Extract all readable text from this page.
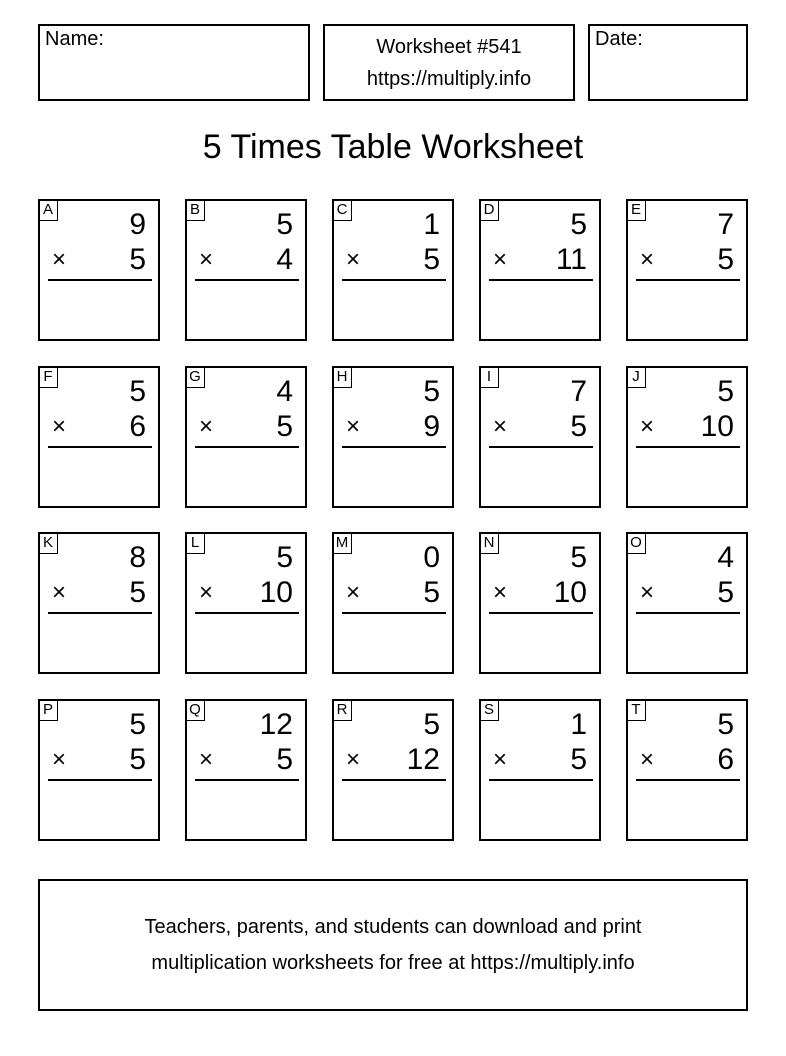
Name:	Worksheet #541
https://multiply.info
Date:
5 Times Table Worksheet
A	9
× 5
B	5
× 4
C	1
× 5
D	5
× 11
E	7
× 5
F	5
× 6
G	4
× 5
H	5
× 9
I	7
× 5
J	5
× 10
K	8
× 5
L	5
× 10
M	0
× 5
N	5
× 10
O	4
× 5
P	5
× 5
Q 12
× 5
R	5
× 12
S	1
× 5
T	5
× 6
Teachers, parents, and students can download and print
multiplication worksheets for free at https://multiply.info
